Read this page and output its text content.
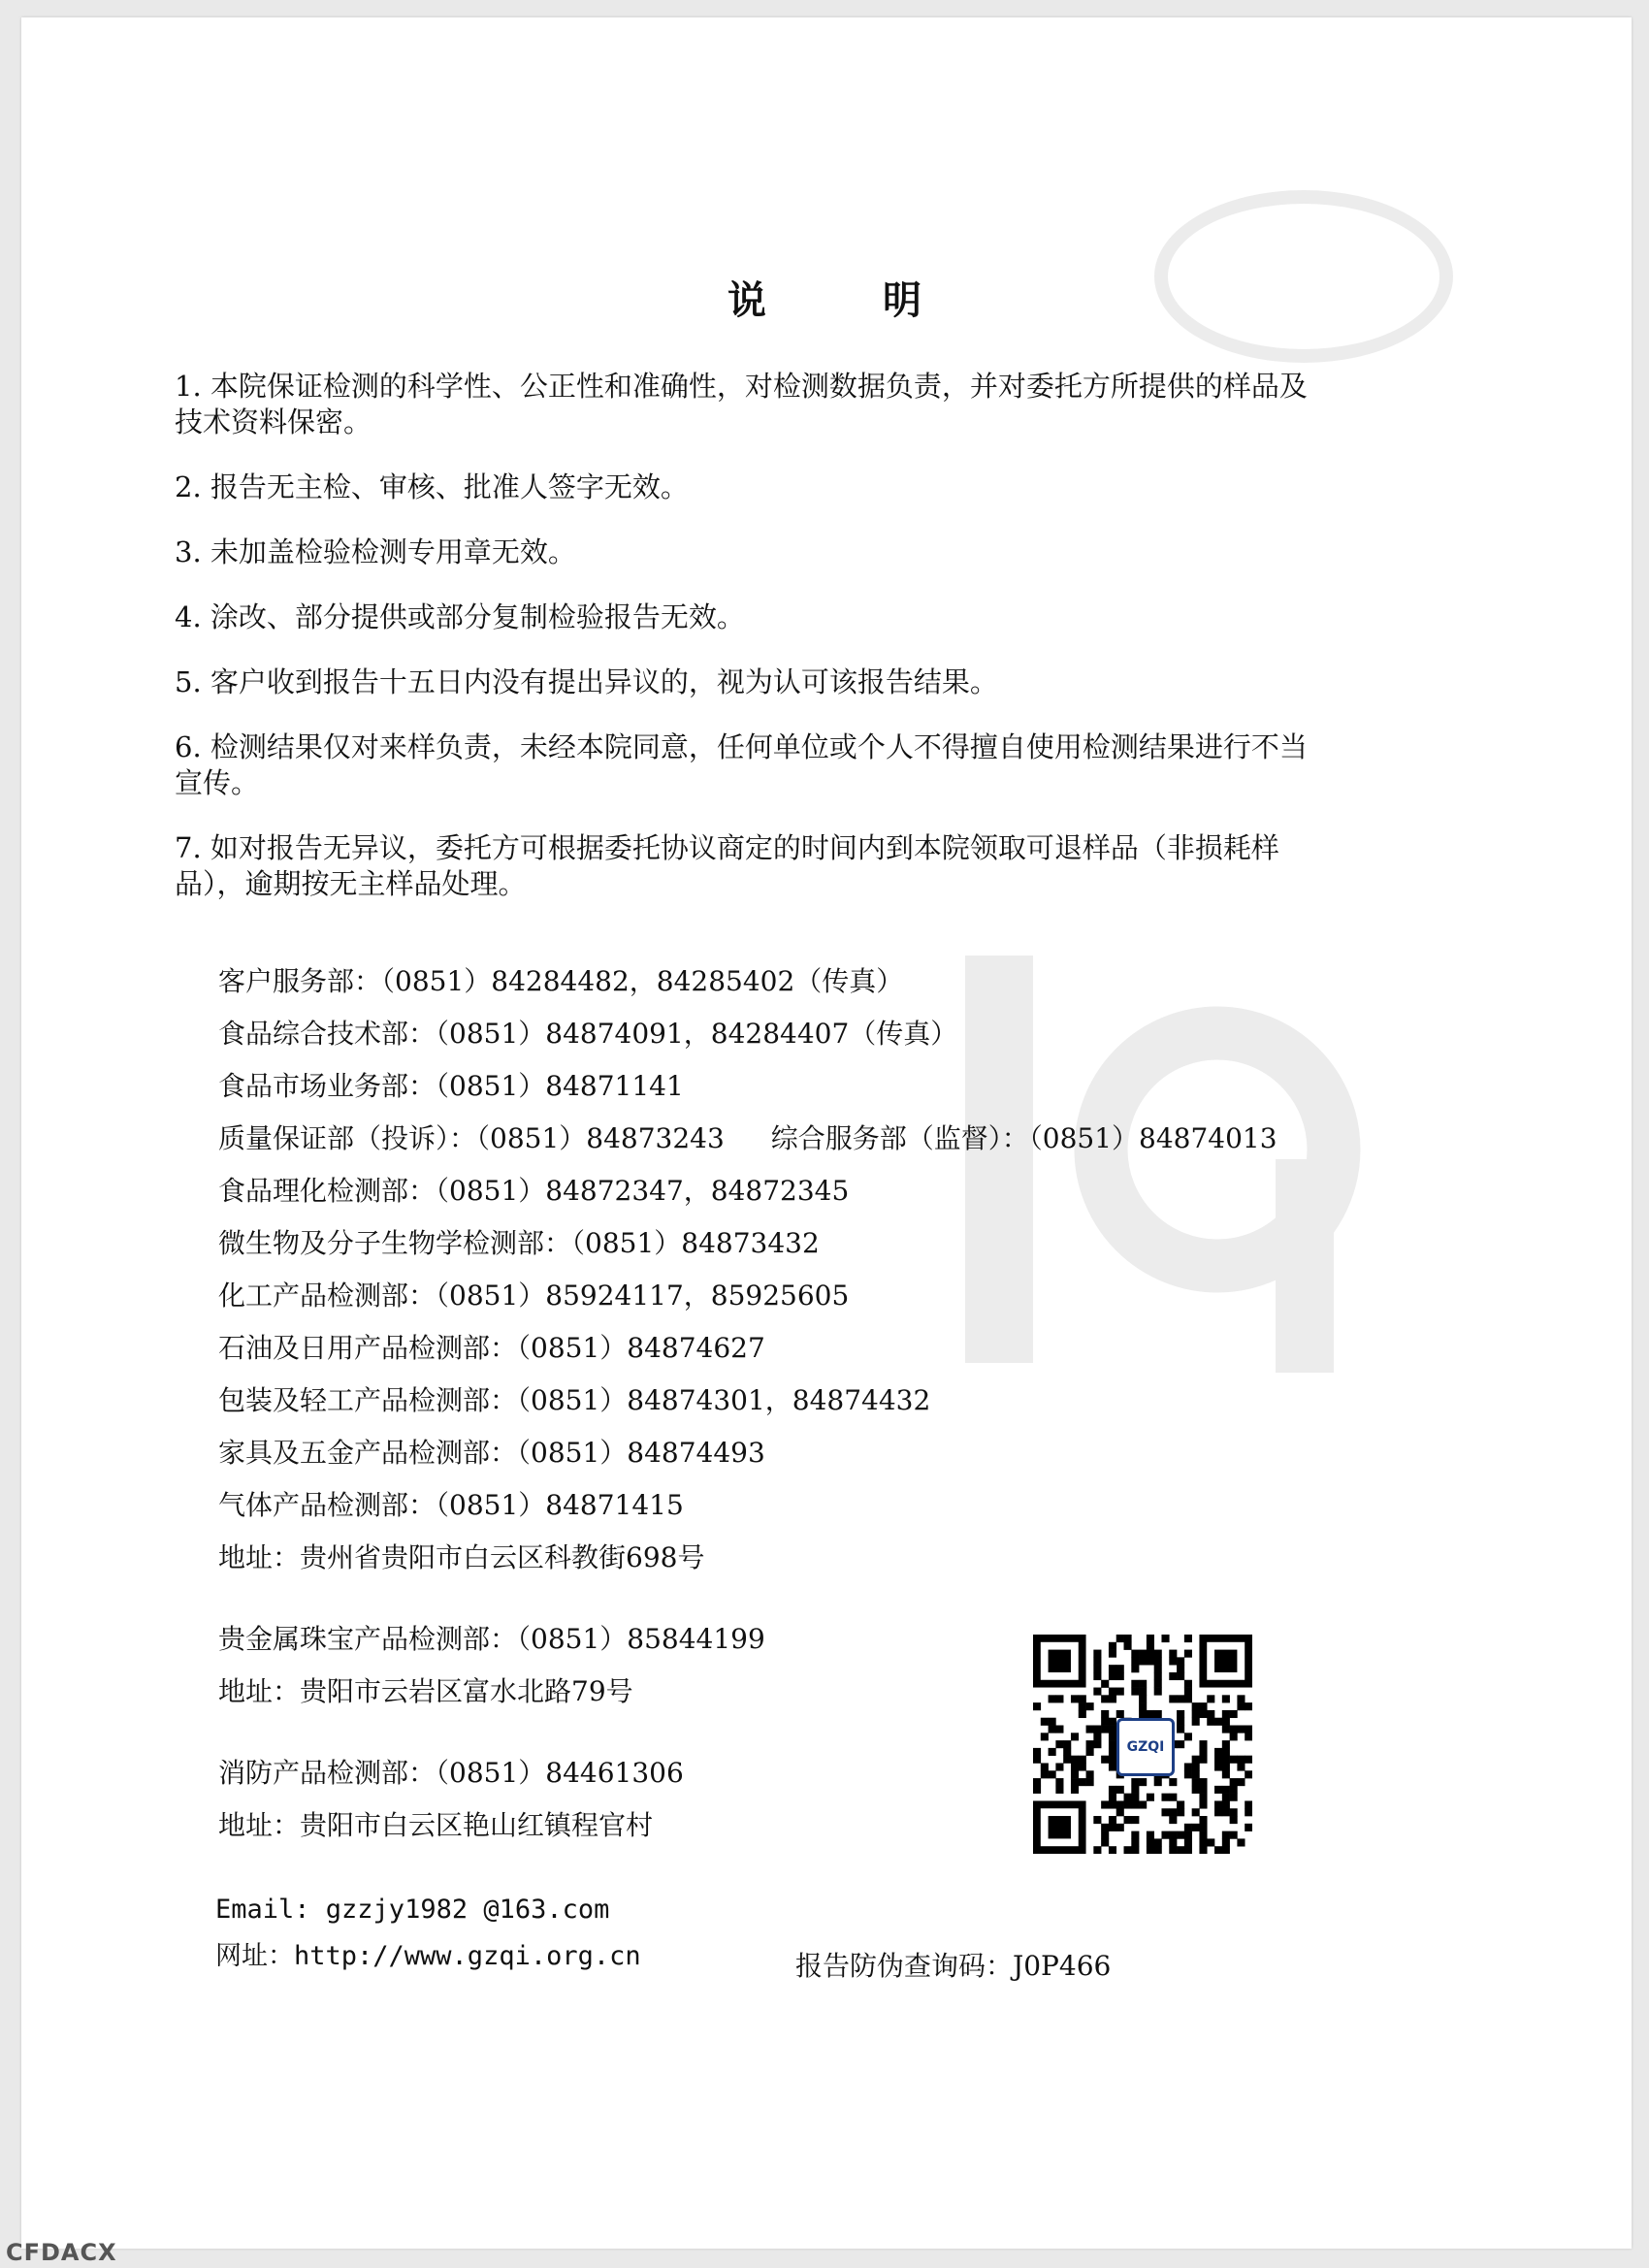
说　明

1. 本院保证检测的科学性、公正性和准确性，对检测数据负责，并对委托方所提供的样品及技术资料保密。

2. 报告无主检、审核、批准人签字无效。

3. 未加盖检验检测专用章无效。

4. 涂改、部分提供或部分复制检验报告无效。

5. 客户收到报告十五日内没有提出异议的，视为认可该报告结果。

6. 检测结果仅对来样负责，未经本院同意，任何单位或个人不得擅自使用检测结果进行不当宣传。

7. 如对报告无异议，委托方可根据委托协议商定的时间内到本院领取可退样品（非损耗样品），逾期按无主样品处理。

客户服务部：（0851）84284482，84285402（传真）
食品综合技术部：（0851）84874091，84284407（传真）
食品市场业务部：（0851）84871141
质量保证部（投诉）：（0851）84873243 综合服务部（监督）：（0851）84874013
食品理化检测部：（0851）84872347，84872345
微生物及分子生物学检测部：（0851）84873432
化工产品检测部：（0851）85924117，85925605
石油及日用产品检测部：（0851）84874627
包装及轻工产品检测部：（0851）84874301，84874432
家具及五金产品检测部：（0851）84874493
气体产品检测部：（0851）84871415
地址：贵州省贵阳市白云区科教街698号
贵金属珠宝产品检测部：（0851）85844199
地址：贵阳市云岩区富水北路79号
消防产品检测部：（0851）84461306
地址：贵阳市白云区艳山红镇程官村
GZQI
Email: gzzjy1982 @163.com
网址：http://www.gzqi.org.cn	报告防伪查询码：J0P466
CFDACX
